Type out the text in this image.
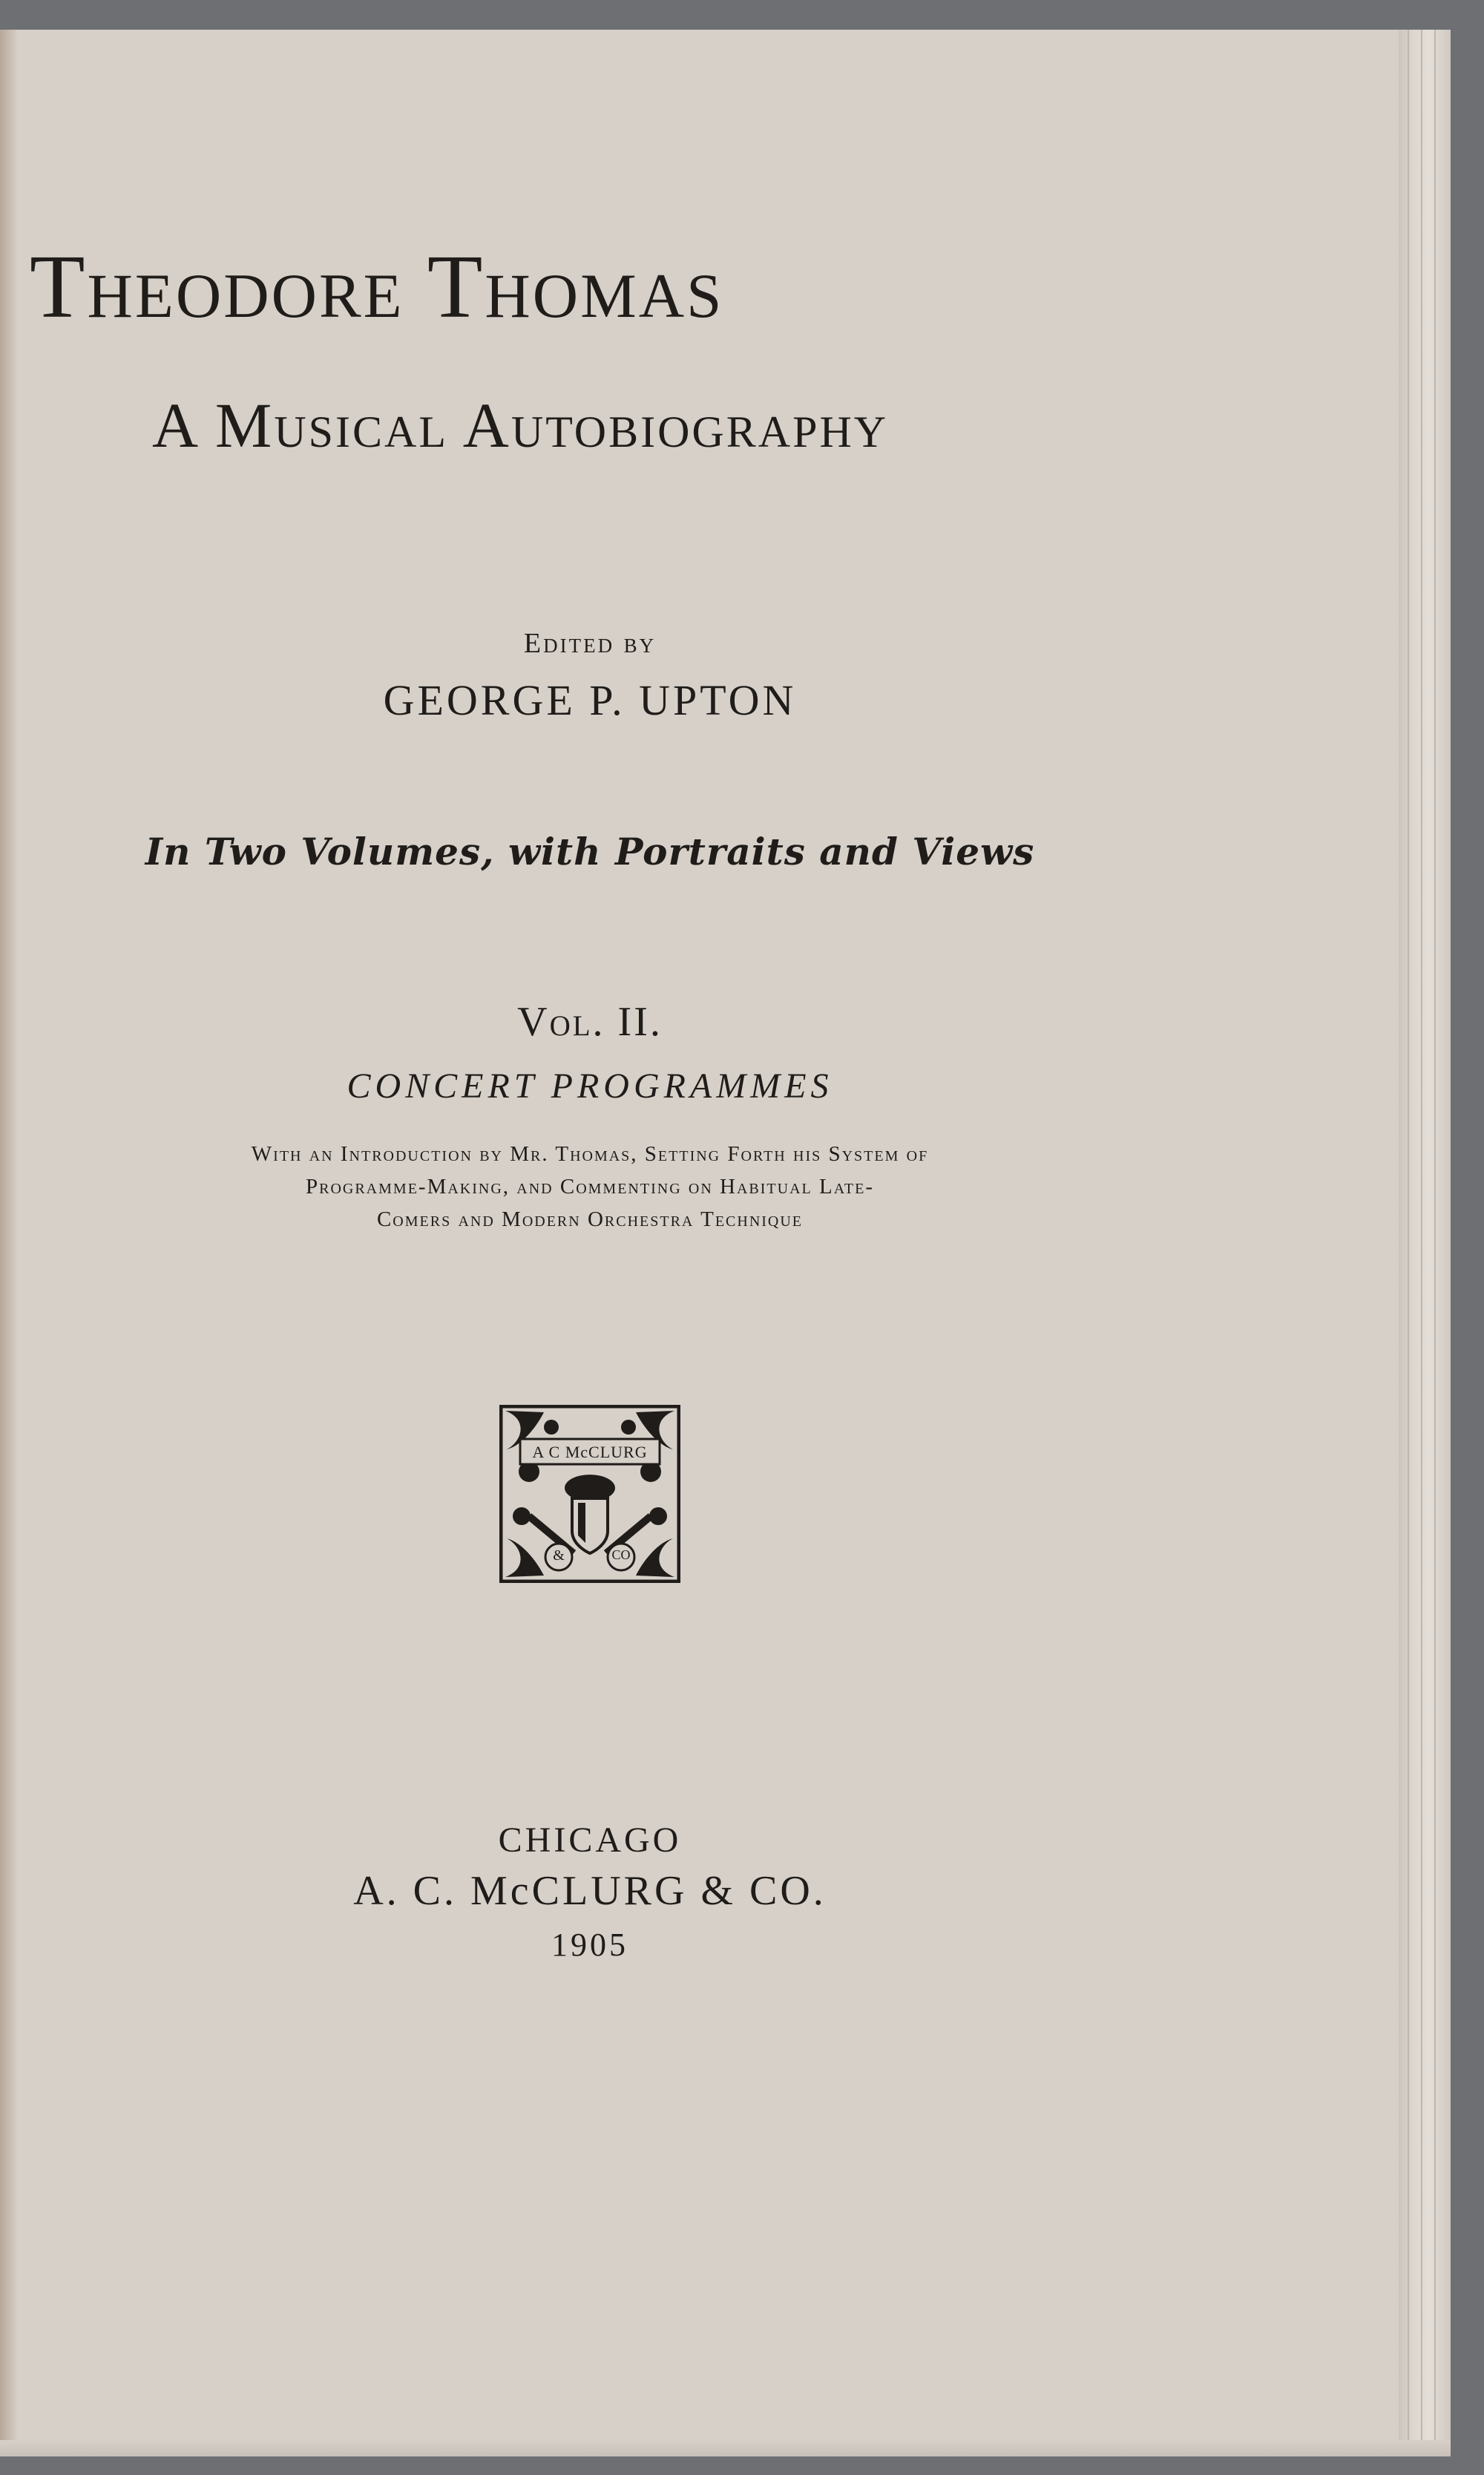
Theodore Thomas
A Musical Autobiography
Edited by
GEORGE P. UPTON
In Two Volumes, with Portraits and Views
Vol. II.
CONCERT PROGRAMMES
With an Introduction by Mr. Thomas, Setting Forth his System of
Programme-Making, and Commenting on Habitual Late-
Comers and Modern Orchestra Technique
A C McCLURG
&	CO
CHICAGO
A. C. McCLURG & CO.
1905
